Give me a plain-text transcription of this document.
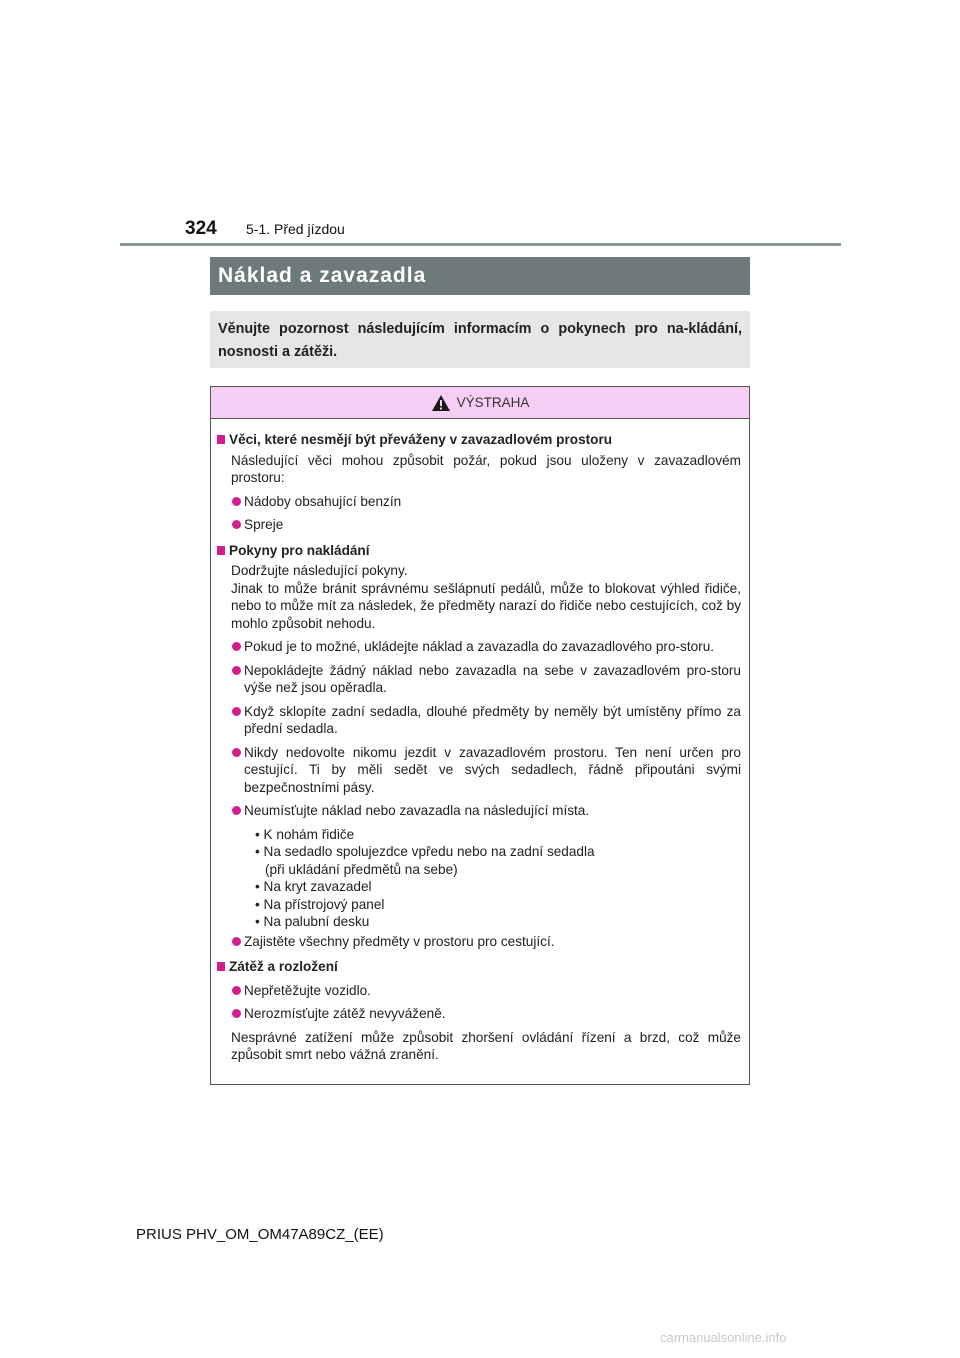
324 5-1. Před jízdou
Náklad a zavazadla
Věnujte pozornost následujícím informacím o pokynech pro na-kládání, nosnosti a zátěži.
VÝSTRAHA
Věci, které nesmějí být převáženy v zavazadlovém prostoru
Následující věci mohou způsobit požár, pokud jsou uloženy v zavazadlovém prostoru:
Nádoby obsahující benzín
Spreje
Pokyny pro nakládání
Dodržujte následující pokyny.
Jinak to může bránit správnému sešlápnutí pedálů, může to blokovat výhled řidiče, nebo to může mít za následek, že předměty narazí do řidiče nebo cestujících, což by mohlo způsobit nehodu.
Pokud je to možné, ukládejte náklad a zavazadla do zavazadlového pro-storu.
Nepokládejte žádný náklad nebo zavazadla na sebe v zavazadlovém pro-storu výše než jsou opěradla.
Když sklopíte zadní sedadla, dlouhé předměty by neměly být umístěny přímo za přední sedadla.
Nikdy nedovolte nikomu jezdit v zavazadlovém prostoru. Ten není určen pro cestující. Ti by měli sedět ve svých sedadlech, řádně připoutáni svými bezpečnostními pásy.
Neumísťujte náklad nebo zavazadla na následující místa.
• K nohám řidiče
• Na sedadlo spolujezdce vpředu nebo na zadní sedadla
(při ukládání předmětů na sebe)
• Na kryt zavazadel
• Na přístrojový panel
• Na palubní desku
Zajistěte všechny předměty v prostoru pro cestující.
Zátěž a rozložení
Nepřetěžujte vozidlo.
Nerozmísťujte zátěž nevyváženě.
Nesprávné zatížení může způsobit zhoršení ovládání řízení a brzd, což může způsobit smrt nebo vážná zranění.
PRIUS PHV_OM_OM47A89CZ_(EE)
carmanualsonline.info
